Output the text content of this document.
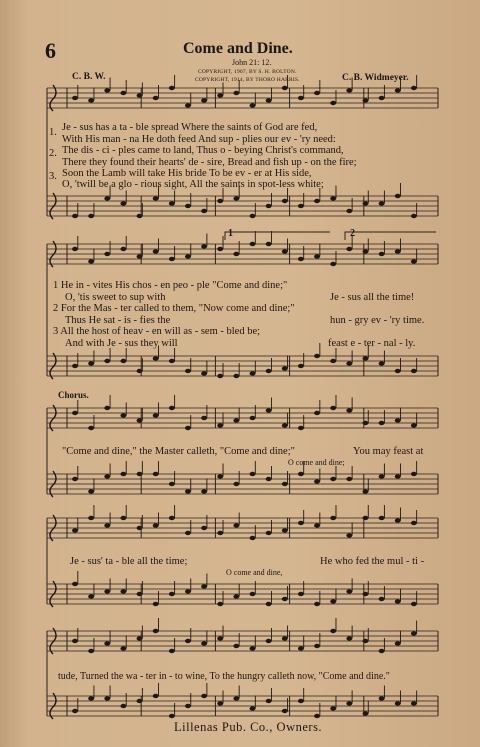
6	Come and Dine.
John 21: 12.
COPYRIGHT, 1907, BY S. H. BOLTON.
COPYRIGHT, 1914, BY THORO HARRIS.
C. B. W.	C. B. Widmeyer.
1.
2.
3.
Je - sus has a ta - ble spread Where the saints of God are fed,
With His man - na He doth feed And sup - plies our ev - 'ry need:
The dis - ci - ples came to land, Thus o - beying Christ's command,
There they found their hearts' de - sire, Bread and fish up - on the fire;
Soon the Lamb will take His bride To be ev - er at His side,
O, 'twill be a glo - rious sight, All the saints in spot-less white;
1	2
1 He in - vites His chos - en peo - ple "Come and dine;"
O, 'tis sweet to sup with	Je - sus all the time!
2 For the Mas - ter called to them, "Now come and dine;"
Thus He sat - is - fies the	hun - gry ev - 'ry time.
3 All the host of heav - en will as - sem - bled be;
And with Je - sus they will	feast e - ter - nal - ly.
Chorus.
"Come and dine," the Master calleth, "Come and dine;"
O come and dine;
You may feast at
Je - sus' ta - ble all the time;
O come and dine,
He who fed the mul - ti -
tude, Turned the wa - ter in - to wine, To the hungry calleth now, "Come and dine."
Lillenas Pub. Co., Owners.
